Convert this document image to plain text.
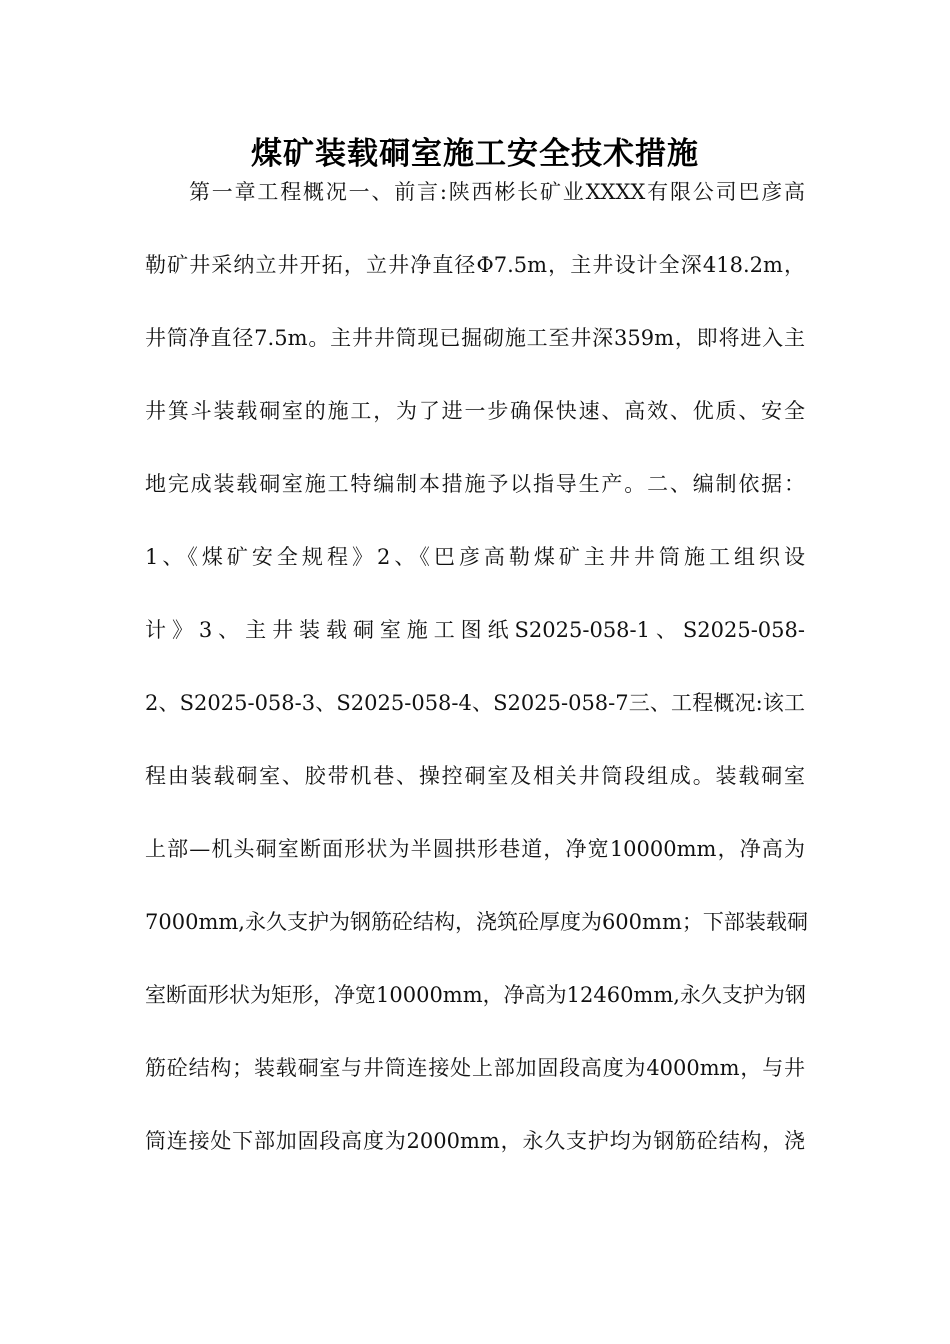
煤矿装载硐室施工安全技术措施
第一章工程概况一、前言:陕西彬长矿业XXXX有限公司巴彦高
勒矿井采纳立井开拓，立井净直径Φ7.5m，主井设计全深418.2m，
井筒净直径7.5m。主井井筒现已掘砌施工至井深359m，即将进入主
井箕斗装载硐室的施工，为了进一步确保快速、高效、优质、安全
地完成装载硐室施工特编制本措施予以指导生产。二、编制依据：
1、《煤矿安全规程》2、《巴彦高勒煤矿主井井筒施工组织设
计》3、主井装载硐室施工图纸S2025-058-1、S2025-058-
2、S2025-058-3、S2025-058-4、S2025-058-7三、工程概况:该工
程由装载硐室、胶带机巷、操控硐室及相关井筒段组成。装载硐室
上部—机头硐室断面形状为半圆拱形巷道，净宽10000mm，净高为
7000mm,永久支护为钢筋砼结构，浇筑砼厚度为600mm；下部装载硐
室断面形状为矩形，净宽10000mm，净高为12460mm,永久支护为钢
筋砼结构；装载硐室与井筒连接处上部加固段高度为4000mm，与井
筒连接处下部加固段高度为2000mm，永久支护均为钢筋砼结构，浇
